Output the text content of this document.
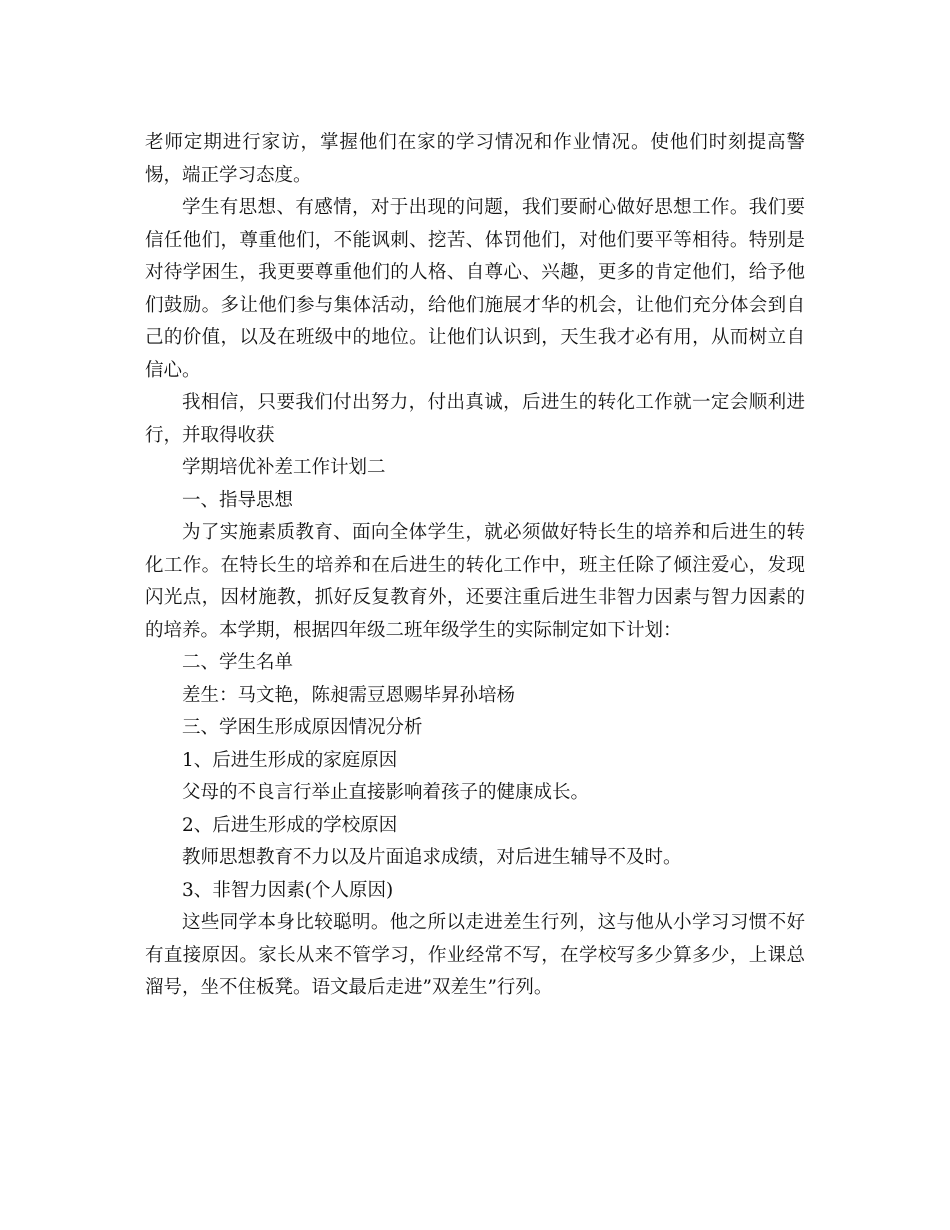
老师定期进行家访，掌握他们在家的学习情况和作业情况。使他们时刻提高警惕，端正学习态度。

学生有思想、有感情，对于出现的问题，我们要耐心做好思想工作。我们要信任他们，尊重他们，不能讽刺、挖苦、体罚他们，对他们要平等相待。特别是对待学困生，我更要尊重他们的人格、自尊心、兴趣，更多的肯定他们，给予他们鼓励。多让他们参与集体活动，给他们施展才华的机会，让他们充分体会到自己的价值，以及在班级中的地位。让他们认识到，天生我才必有用，从而树立自信心。

我相信，只要我们付出努力，付出真诚，后进生的转化工作就一定会顺利进行，并取得收获

学期培优补差工作计划二

一、指导思想

为了实施素质教育、面向全体学生，就必须做好特长生的培养和后进生的转化工作。在特长生的培养和在后进生的转化工作中，班主任除了倾注爱心，发现闪光点，因材施教，抓好反复教育外，还要注重后进生非智力因素与智力因素的的培养。本学期，根据四年级二班年级学生的实际制定如下计划：

二、学生名单

差生：马文艳，陈昶需豆恩赐毕昇孙培杨

三、学困生形成原因情况分析

1、后进生形成的家庭原因

父母的不良言行举止直接影响着孩子的健康成长。

2、后进生形成的学校原因

教师思想教育不力以及片面追求成绩，对后进生辅导不及时。

3、非智力因素(个人原因)

这些同学本身比较聪明。他之所以走进差生行列，这与他从小学习习惯不好有直接原因。家长从来不管学习，作业经常不写，在学校写多少算多少，上课总溜号，坐不住板凳。语文最后走进”双差生”行列。
